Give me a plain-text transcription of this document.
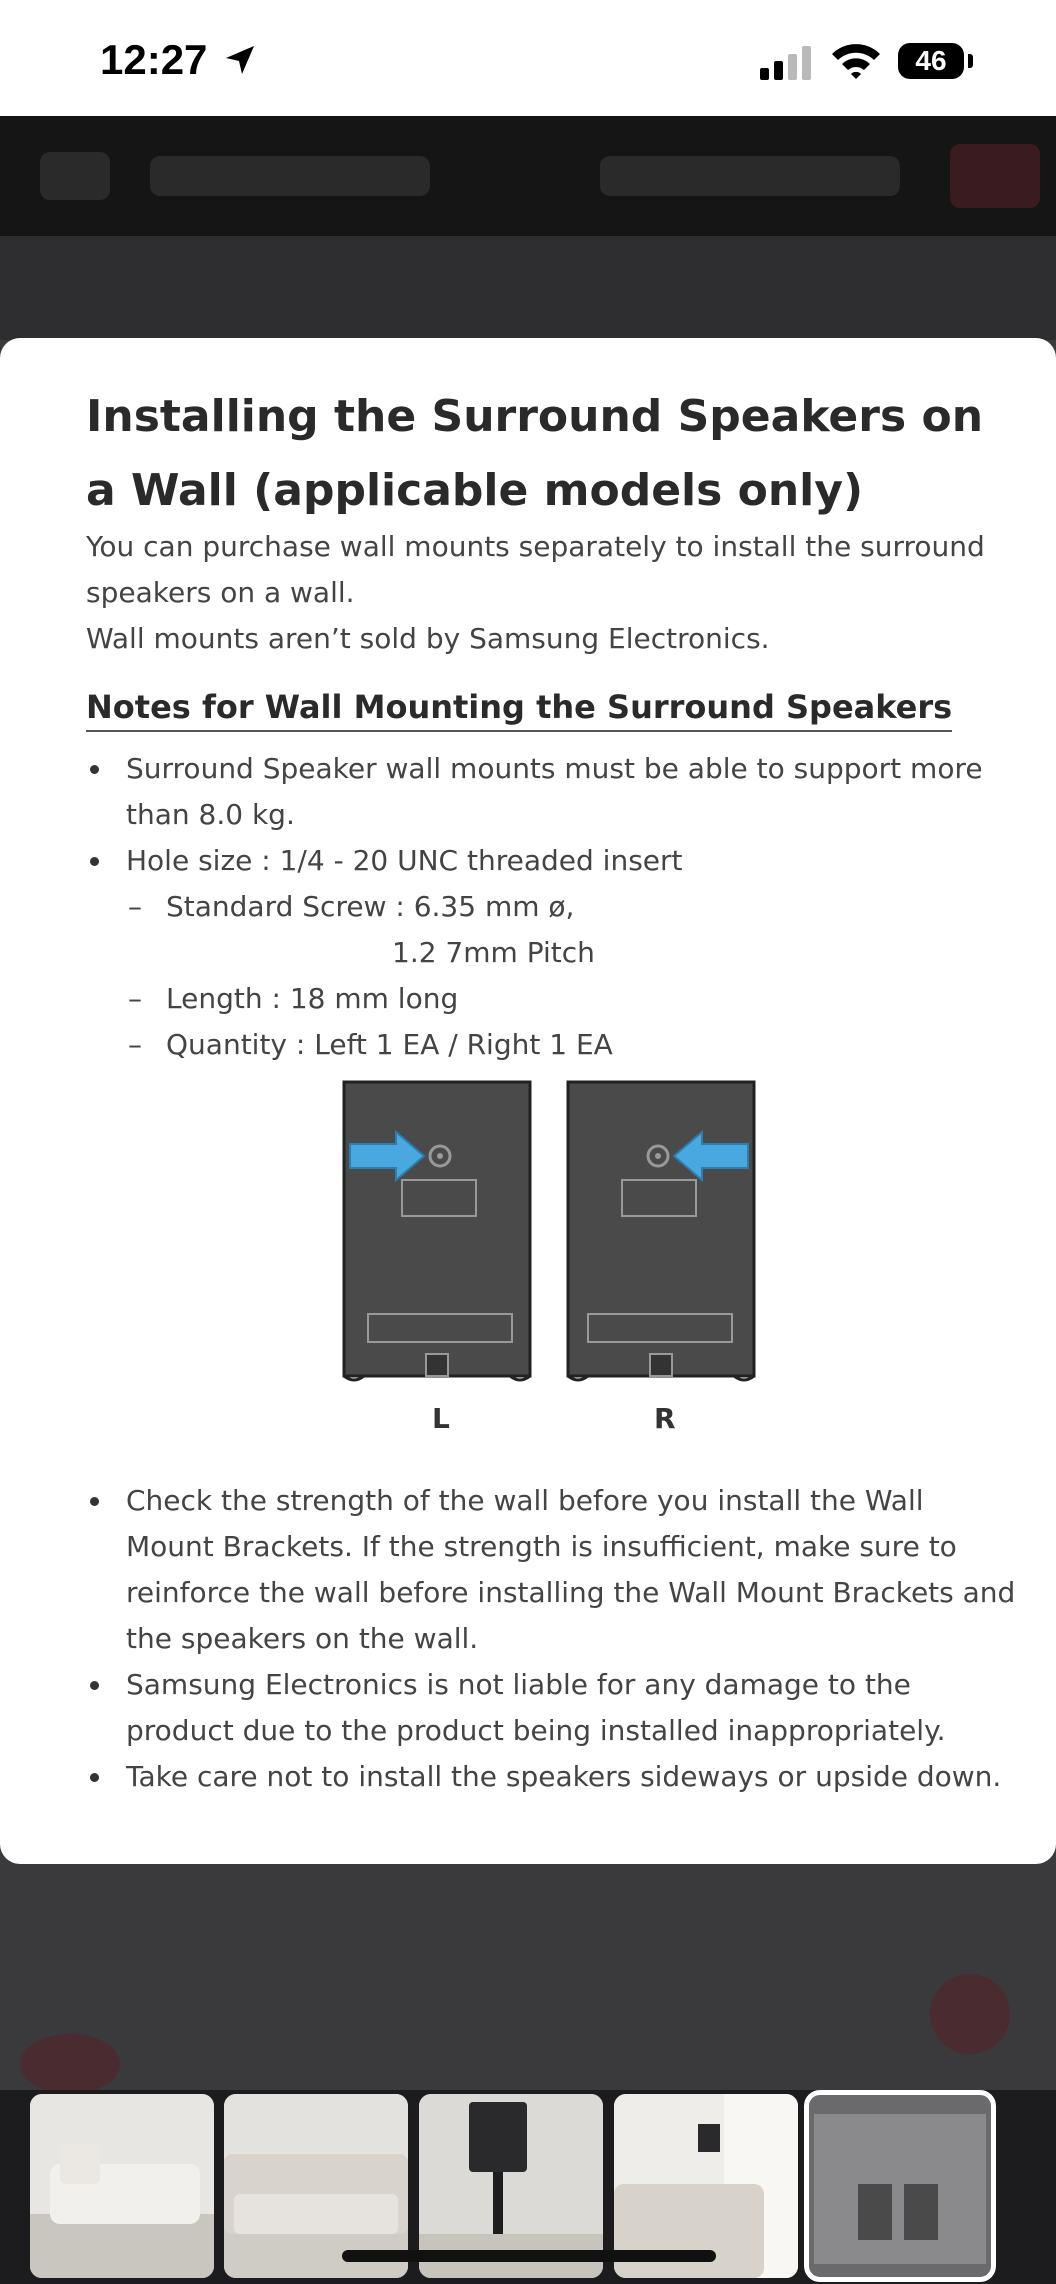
12:27	46
Installing the Surround Speakers on a Wall (applicable models only)

You can purchase wall mounts separately to install the surround speakers on a wall.

Wall mounts aren’t sold by Samsung Electronics.

Notes for Wall Mounting the Surround Speakers
Surround Speaker wall mounts must be able to support more than 8.0 kg.
Hole size : 1/4 - 20 UNC threaded insert
– Standard Screw : 6.35 mm ø,
1.2 7mm Pitch
– Length : 18 mm long
– Quantity : Left 1 EA / Right 1 EA
L	R
Check the strength of the wall before you install the Wall Mount Brackets. If the strength is insufficient, make sure to reinforce the wall before installing the Wall Mount Brackets and the speakers on the wall.
Samsung Electronics is not liable for any damage to the product due to the product being installed inappropriately.
Take care not to install the speakers sideways or upside down.
